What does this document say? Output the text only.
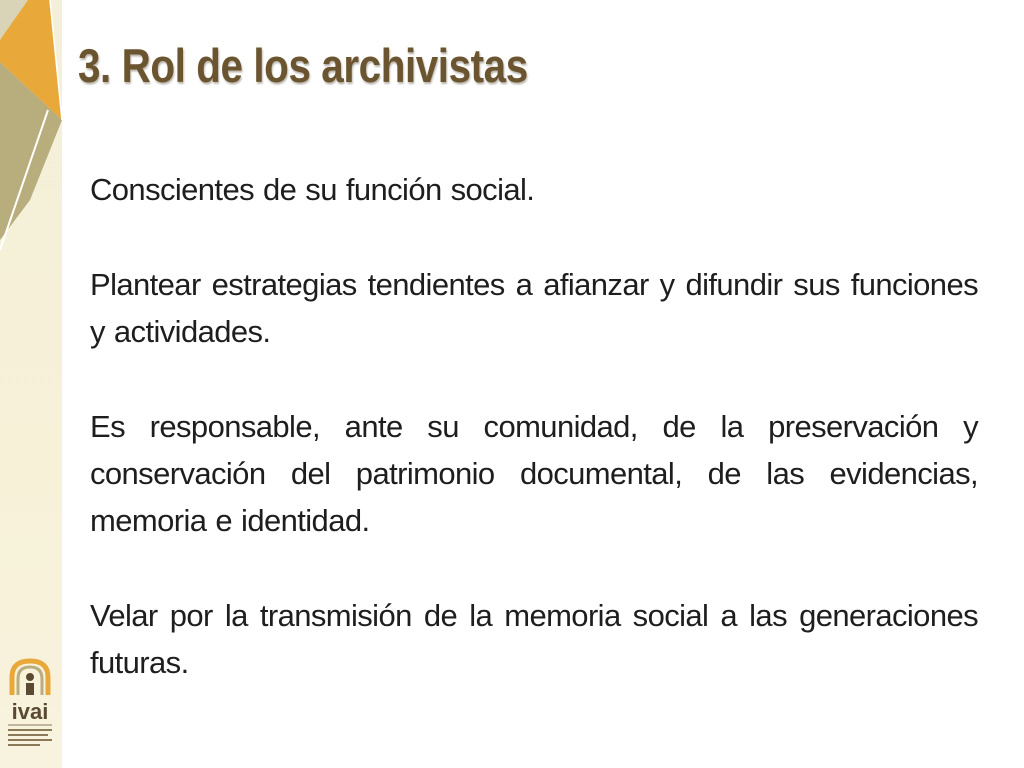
3. Rol de los archivistas

Conscientes de su función social.

Plantear estrategias tendientes a afianzar y difundir sus funciones y actividades.

Es responsable, ante su comunidad, de la preservación y conservación del patrimonio documental, de las evidencias, memoria e identidad.

Velar por la transmisión de la memoria social a las generaciones futuras.

ivai
